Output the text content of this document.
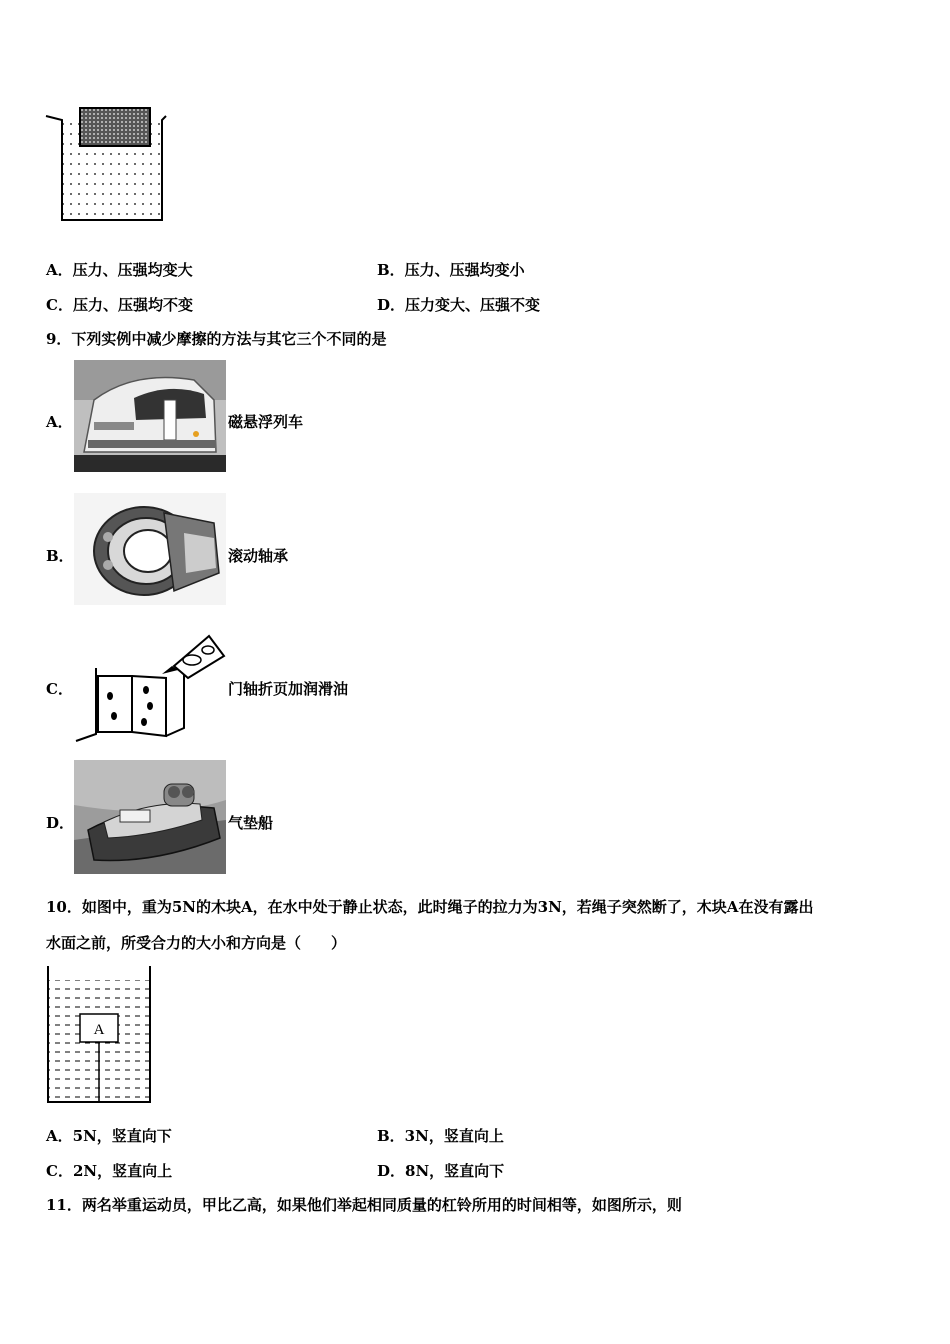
A．压力、压强均变大	B．压力、压强均变小
C．压力、压强均不变	D．压力变大、压强不变
9．下列实例中减少摩擦的方法与其它三个不同的是
A．	磁悬浮列车
B．	滚动轴承
C．	门轴折页加润滑油
D．	气垫船
10．如图中，重为5N的木块A，在水中处于静止状态，此时绳子的拉力为3N，若绳子突然断了，木块A在没有露出
水面之前，所受合力的大小和方向是（　　）
A
A．5N，竖直向下	B．3N，竖直向上
C．2N，竖直向上	D．8N，竖直向下
11．两名举重运动员，甲比乙高，如果他们举起相同质量的杠铃所用的时间相等，如图所示，则
